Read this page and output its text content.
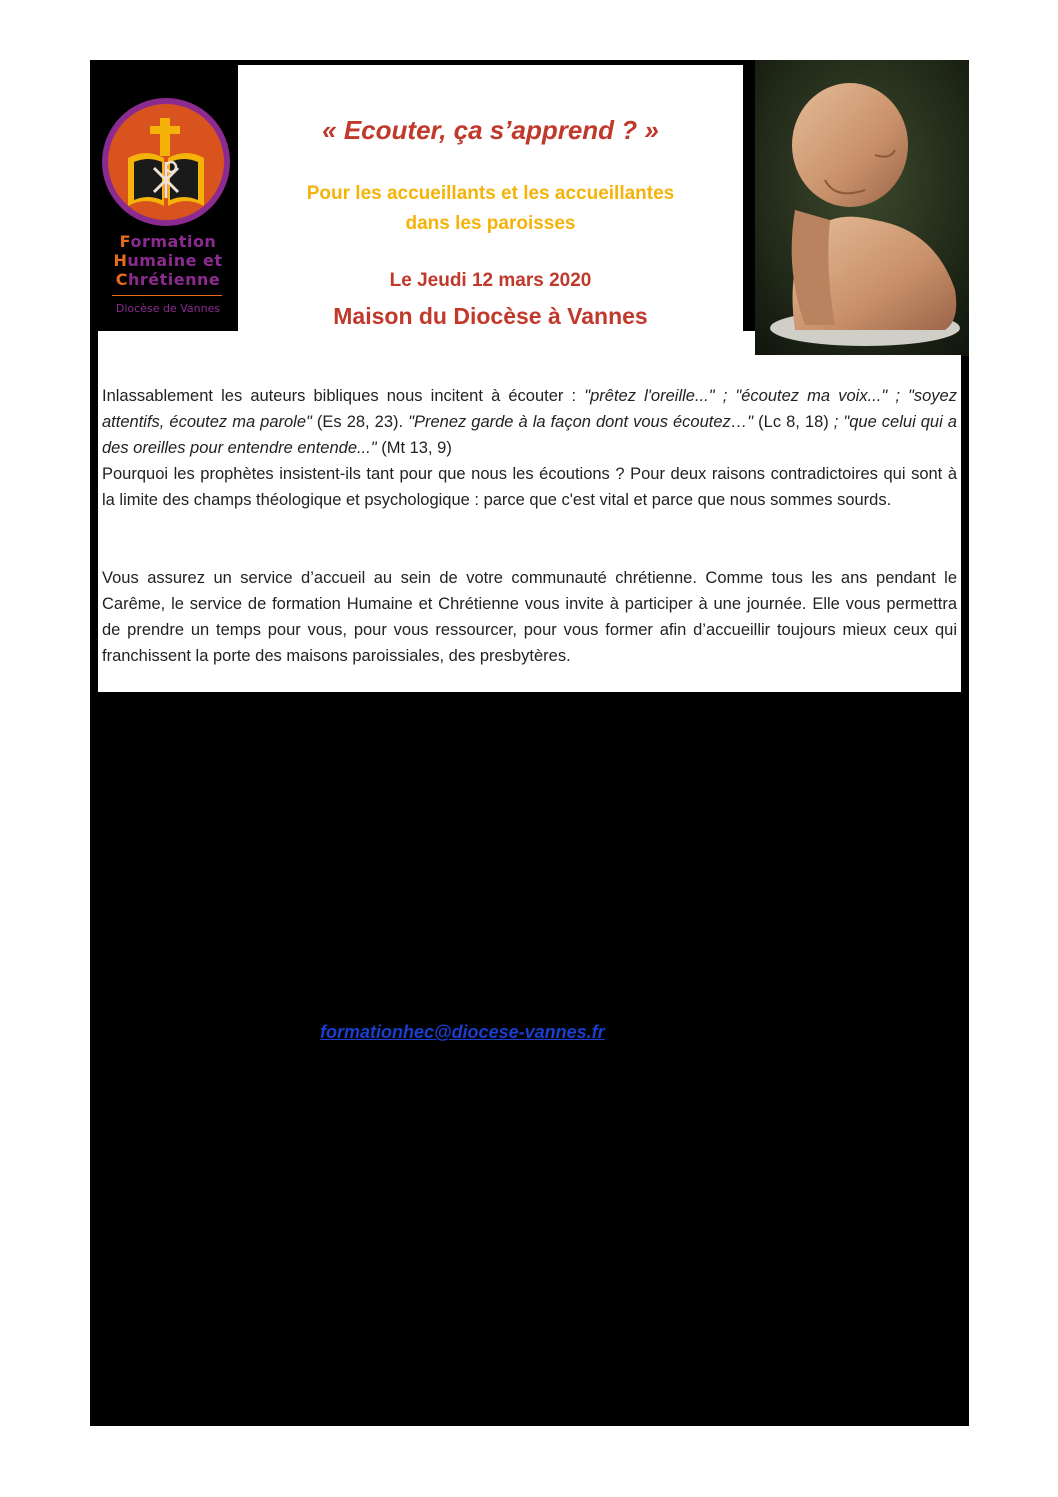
Formation
Humaine et
Chrétienne
Diocèse de Vannes
« Ecouter, ça s’apprend ? »
Pour les accueillants et les accueillantes
dans les paroisses
Le Jeudi 12 mars 2020
Maison du Diocèse à Vannes

Inlassablement les auteurs bibliques nous incitent à écouter : "prêtez l'oreille..." ; "écoutez ma voix..." ; "soyez attentifs, écoutez ma parole" (Es 28, 23). "Prenez garde à la façon dont vous écoutez…" (Lc 8, 18) ; "que celui qui a des oreilles pour entendre entende..." (Mt 13, 9)
Pourquoi les prophètes insistent-ils tant pour que nous les écoutions ? Pour deux raisons contradictoires qui sont à la limite des champs théologique et psychologique : parce que c'est vital et parce que nous sommes sourds.

Vous assurez un service d’accueil au sein de votre communauté chrétienne. Comme tous les ans pendant le Carême, le service de formation Humaine et Chrétienne vous invite à participer à une journée. Elle vous permettra de prendre un temps pour vous, pour vous ressourcer, pour vous former afin d’accueillir toujours mieux ceux qui franchissent la porte des maisons paroissiales, des presbytères.

formationhec@diocese-vannes.fr
